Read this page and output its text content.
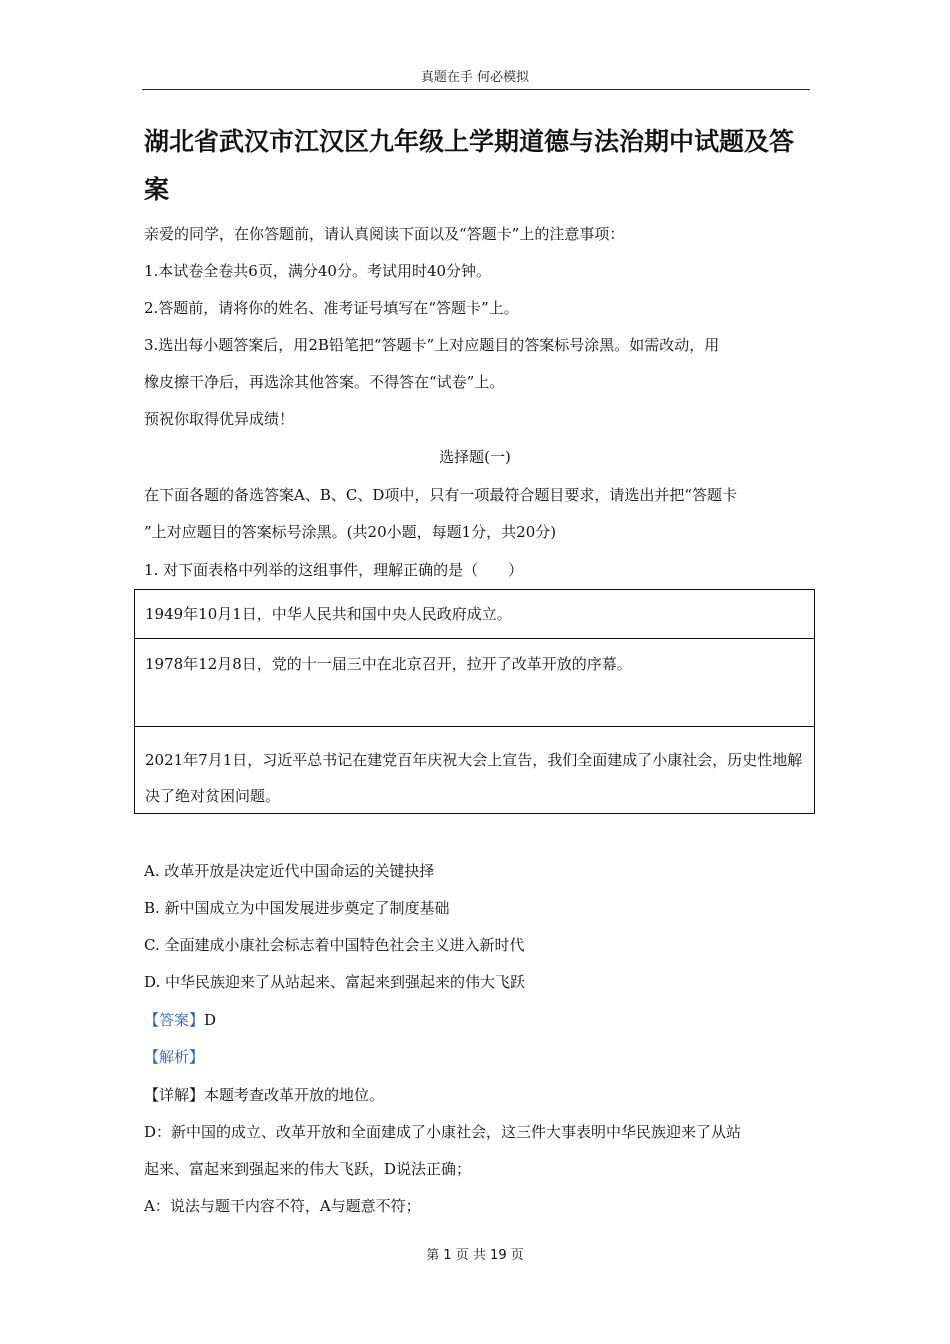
真题在手 何必模拟
湖北省武汉市江汉区九年级上学期道德与法治期中试题及答案
亲爱的同学，在你答题前，请认真阅读下面以及“答题卡”上的注意事项：
1.本试卷全卷共6页，满分40分。考试用时40分钟。
2.答题前，请将你的姓名、准考证号填写在“答题卡”上。
3.选出每小题答案后，用2B铅笔把“答题卡”上对应题目的答案标号涂黑。如需改动，用
橡皮擦干净后，再选涂其他答案。不得答在“试卷”上。
预祝你取得优异成绩！
选择题(一)
在下面各题的备选答案A、B、C、D项中，只有一项最符合题目要求，请选出并把“答题卡
”上对应题目的答案标号涂黑。(共20小题，每题1分，共20分)
1. 对下面表格中列举的这组事件，理解正确的是（　　）
1949年10月1日，中华人民共和国中央人民政府成立。
1978年12月8日，党的十一届三中在北京召开，拉开了改革开放的序幕。
2021年7月1日，习近平总书记在建党百年庆祝大会上宣告，我们全面建成了小康社会，历史性地解决了绝对贫困问题。
A. 改革开放是决定近代中国命运的关键抉择
B. 新中国成立为中国发展进步奠定了制度基础
C. 全面建成小康社会标志着中国特色社会主义进入新时代
D. 中华民族迎来了从站起来、富起来到强起来的伟大飞跃
【答案】D
【解析】
【详解】本题考查改革开放的地位。
D：新中国的成立、改革开放和全面建成了小康社会，这三件大事表明中华民族迎来了从站
起来、富起来到强起来的伟大飞跃，D说法正确；
A：说法与题干内容不符，A与题意不符；
第 1 页 共 19 页
